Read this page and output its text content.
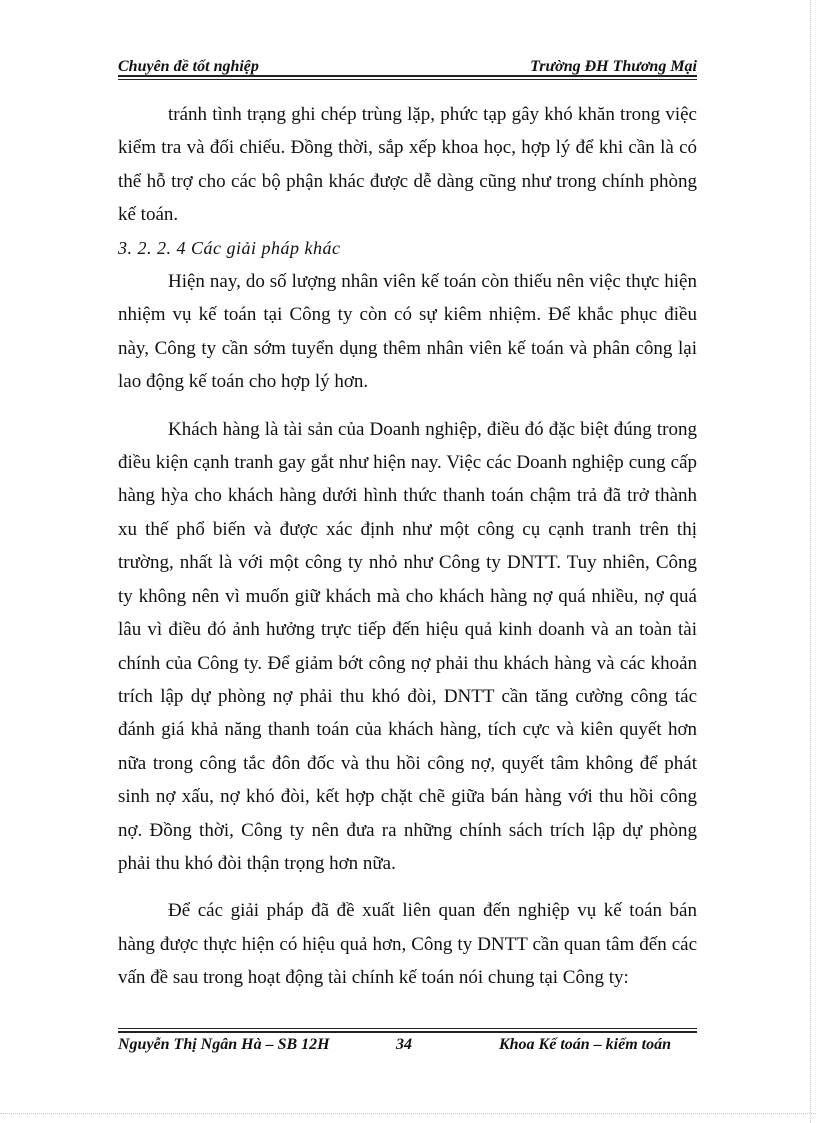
Chuyên đề tốt nghiệp	Trường ĐH Thương Mại

tránh tình trạng ghi chép trùng lặp, phức tạp gây khó khăn trong việc kiểm tra và đối chiếu. Đồng thời, sắp xếp khoa học, hợp lý để khi cần là có thể hỗ trợ cho các bộ phận khác được dễ dàng cũng như trong chính phòng kế toán.

3. 2. 2. 4 Các giải pháp khác

Hiện nay, do số lượng nhân viên kế toán còn thiếu nên việc thực hiện nhiệm vụ kế toán tại Công ty còn có sự kiêm nhiệm. Để khắc phục điều này, Công ty cần sớm tuyển dụng thêm nhân viên kế toán và phân công lại lao động kế toán cho hợp lý hơn.

Khách hàng là tài sản của Doanh nghiệp, điều đó đặc biệt đúng trong điều kiện cạnh tranh gay gắt như hiện nay. Việc các Doanh nghiệp cung cấp hàng hỳa cho khách hàng dưới hình thức thanh toán chậm trả đã trở thành xu thế phổ biến và được xác định như một công cụ cạnh tranh trên thị trường, nhất là với một công ty nhỏ như Công ty DNTT. Tuy nhiên, Công ty không nên vì muốn giữ khách mà cho khách hàng nợ quá nhiều, nợ quá lâu vì điều đó ảnh hưởng trực tiếp đến hiệu quả kinh doanh và an toàn tài chính của Công ty. Để giảm bớt công nợ phải thu khách hàng và các khoản trích lập dự phòng nợ phải thu khó đòi, DNTT cần tăng cường công tác đánh giá khả năng thanh toán của khách hàng, tích cực và kiên quyết hơn nữa trong công tắc đôn đốc và thu hồi công nợ, quyết tâm không để phát sinh nợ xấu, nợ khó đòi, kết hợp chặt chẽ giữa bán hàng với thu hồi công nợ. Đồng thời, Công ty nên đưa ra những chính sách trích lập dự phòng phải thu khó đòi thận trọng hơn nữa.

Để các giải pháp đã đề xuất liên quan đến nghiệp vụ kế toán bán hàng được thực hiện có hiệu quả hơn, Công ty DNTT cần quan tâm đến các vấn đề sau trong hoạt động tài chính kế toán nói chung tại Công ty:

Nguyễn Thị Ngân Hà – SB 12H	34	Khoa Kế toán – kiểm toán
